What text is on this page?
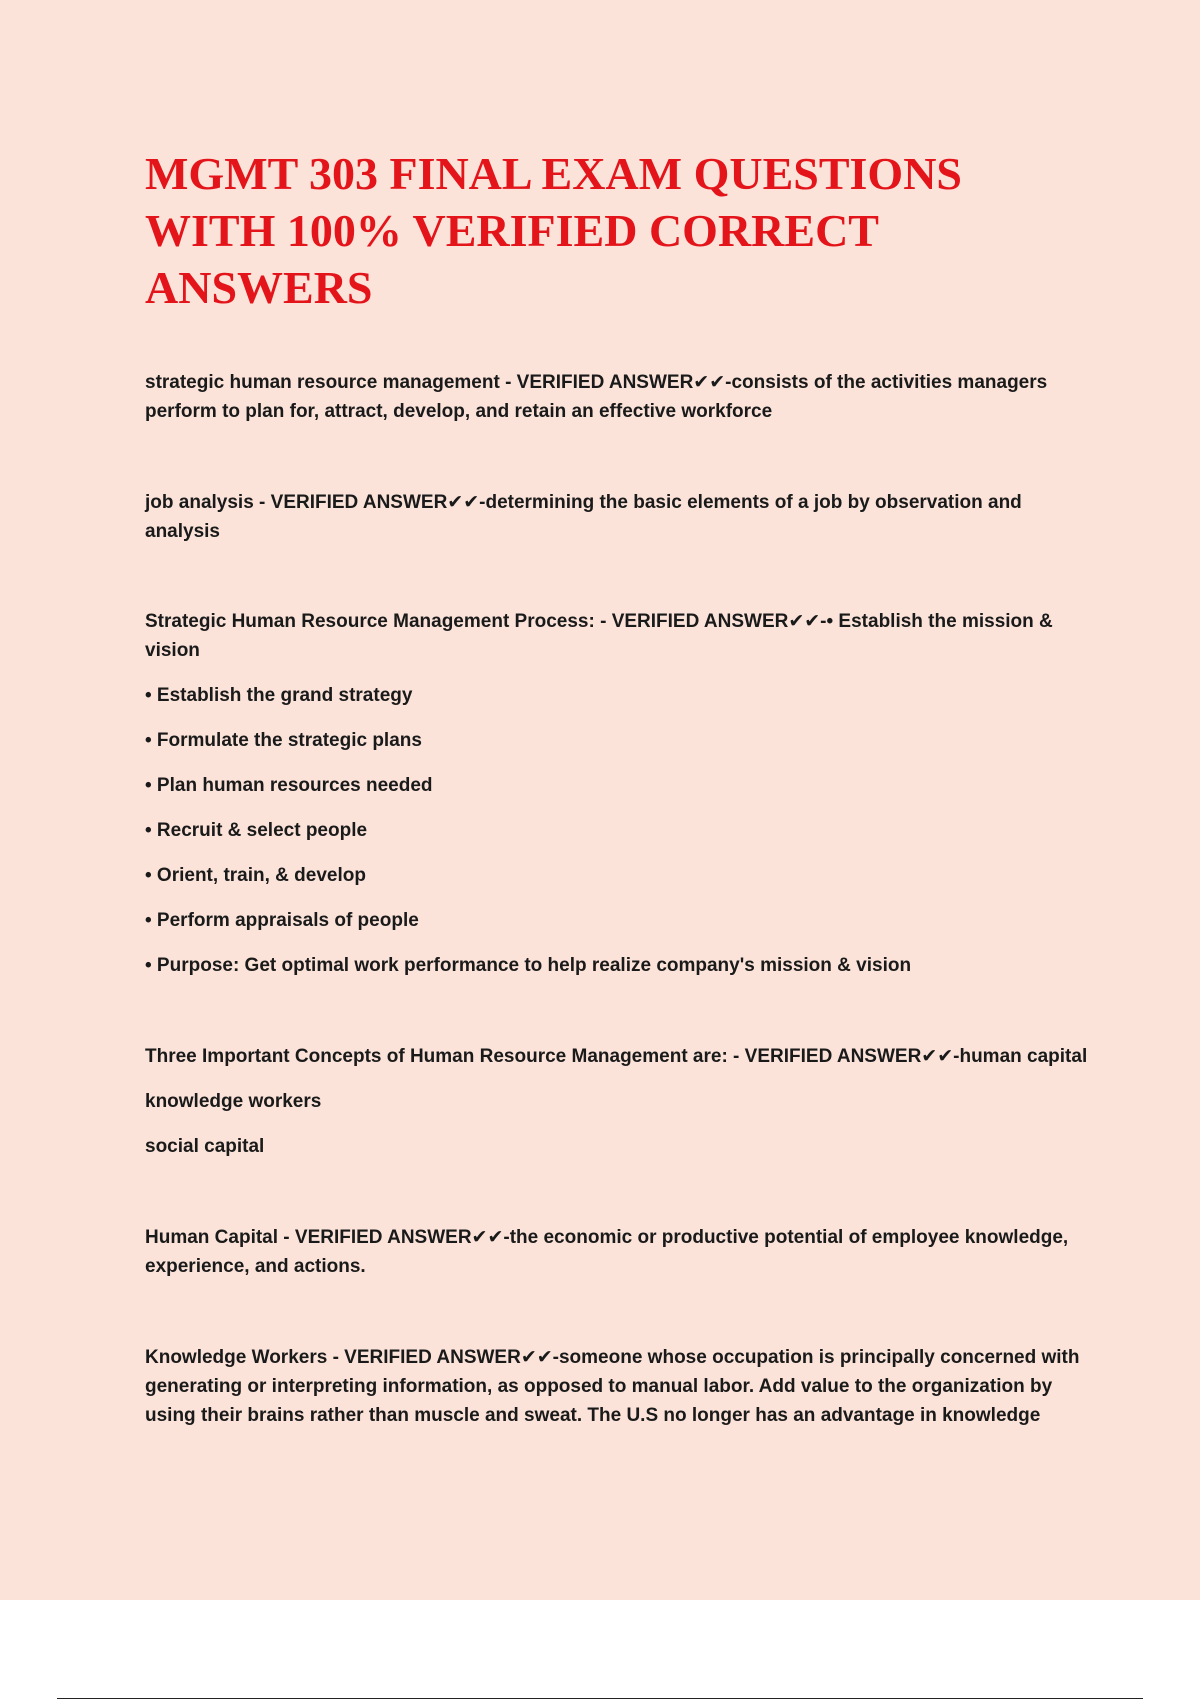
MGMT 303 FINAL EXAM QUESTIONS WITH 100% VERIFIED CORRECT ANSWERS

strategic human resource management - VERIFIED ANSWER✔✔-consists of the activities managers perform to plan for, attract, develop, and retain an effective workforce

job analysis - VERIFIED ANSWER✔✔-determining the basic elements of a job by observation and analysis

Strategic Human Resource Management Process: - VERIFIED ANSWER✔✔-• Establish the mission & vision

• Establish the grand strategy

• Formulate the strategic plans

• Plan human resources needed

• Recruit & select people

• Orient, train, & develop

• Perform appraisals of people

• Purpose: Get optimal work performance to help realize company's mission & vision

Three Important Concepts of Human Resource Management are: - VERIFIED ANSWER✔✔-human capital

knowledge workers

social capital

Human Capital - VERIFIED ANSWER✔✔-the economic or productive potential of employee knowledge, experience, and actions.

Knowledge Workers - VERIFIED ANSWER✔✔-someone whose occupation is principally concerned with generating or interpreting information, as opposed to manual labor. Add value to the organization by using their brains rather than muscle and sweat. The U.S no longer has an advantage in knowledge
